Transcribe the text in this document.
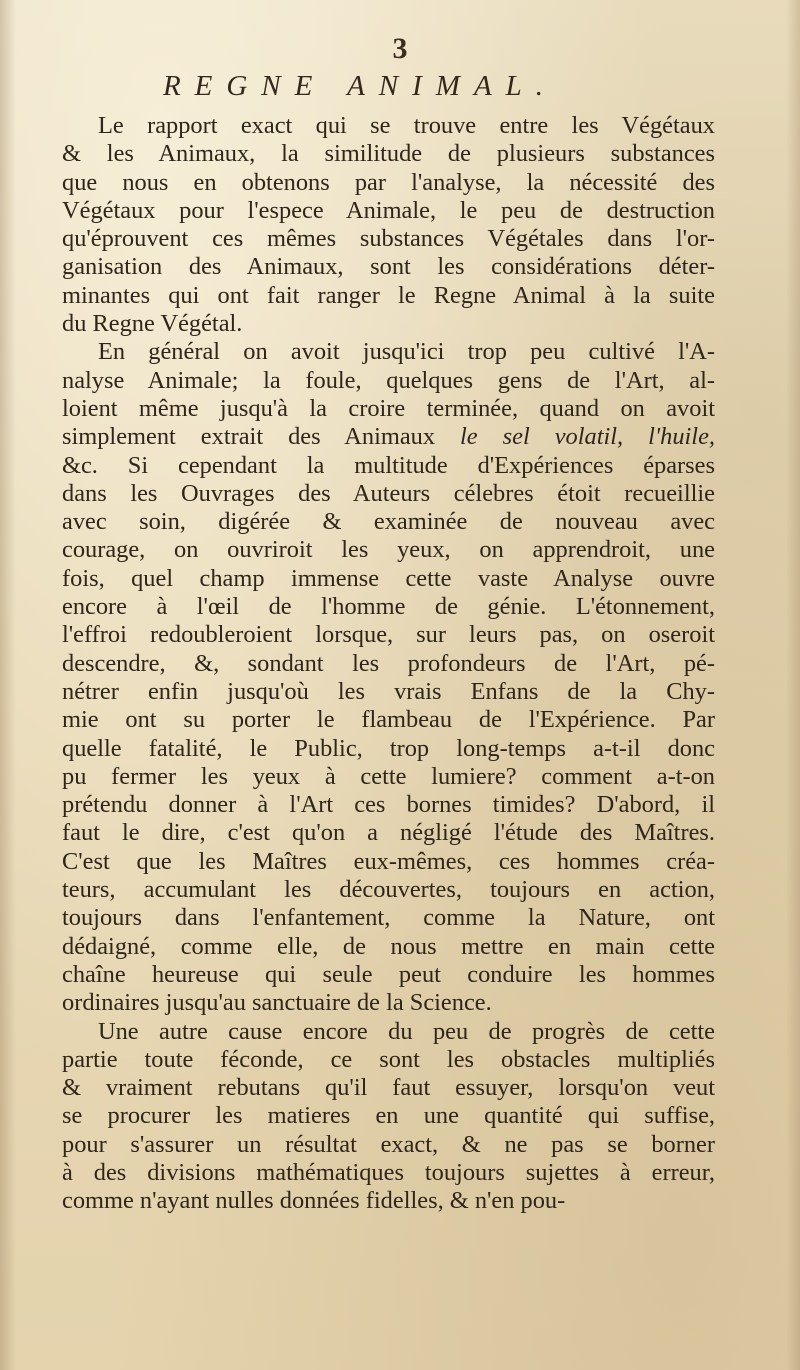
3
REGNE ANIMAL.
Le rapport exact qui se trouve entre les Végétaux
& les Animaux, la similitude de plusieurs substances
que nous en obtenons par l'analyse, la nécessité des
Végétaux pour l'espece Animale, le peu de destruction
qu'éprouvent ces mêmes substances Végétales dans l'or-
ganisation des Animaux, sont les considérations déter-
minantes qui ont fait ranger le Regne Animal à la suite
du Regne Végétal.
En général on avoit jusqu'ici trop peu cultivé l'A-
nalyse Animale; la foule, quelques gens de l'Art, al-
loient même jusqu'à la croire terminée, quand on avoit
simplement extrait des Animaux le sel volatil, l'huile,
&c. Si cependant la multitude d'Expériences éparses
dans les Ouvrages des Auteurs célebres étoit recueillie
avec soin, digérée & examinée de nouveau avec
courage, on ouvriroit les yeux, on apprendroit, une
fois, quel champ immense cette vaste Analyse ouvre
encore à l'œil de l'homme de génie. L'étonnement,
l'effroi redoubleroient lorsque, sur leurs pas, on oseroit
descendre, &, sondant les profondeurs de l'Art, pé-
nétrer enfin jusqu'où les vrais Enfans de la Chy-
mie ont su porter le flambeau de l'Expérience. Par
quelle fatalité, le Public, trop long-temps a-t-il donc
pu fermer les yeux à cette lumiere? comment a-t-on
prétendu donner à l'Art ces bornes timides? D'abord, il
faut le dire, c'est qu'on a négligé l'étude des Maîtres.
C'est que les Maîtres eux-mêmes, ces hommes créa-
teurs, accumulant les découvertes, toujours en action,
toujours dans l'enfantement, comme la Nature, ont
dédaigné, comme elle, de nous mettre en main cette
chaîne heureuse qui seule peut conduire les hommes
ordinaires jusqu'au sanctuaire de la Science.
Une autre cause encore du peu de progrès de cette
partie toute féconde, ce sont les obstacles multipliés
& vraiment rebutans qu'il faut essuyer, lorsqu'on veut
se procurer les matieres en une quantité qui suffise,
pour s'assurer un résultat exact, & ne pas se borner
à des divisions mathématiques toujours sujettes à erreur,
comme n'ayant nulles données fidelles, & n'en pou-
